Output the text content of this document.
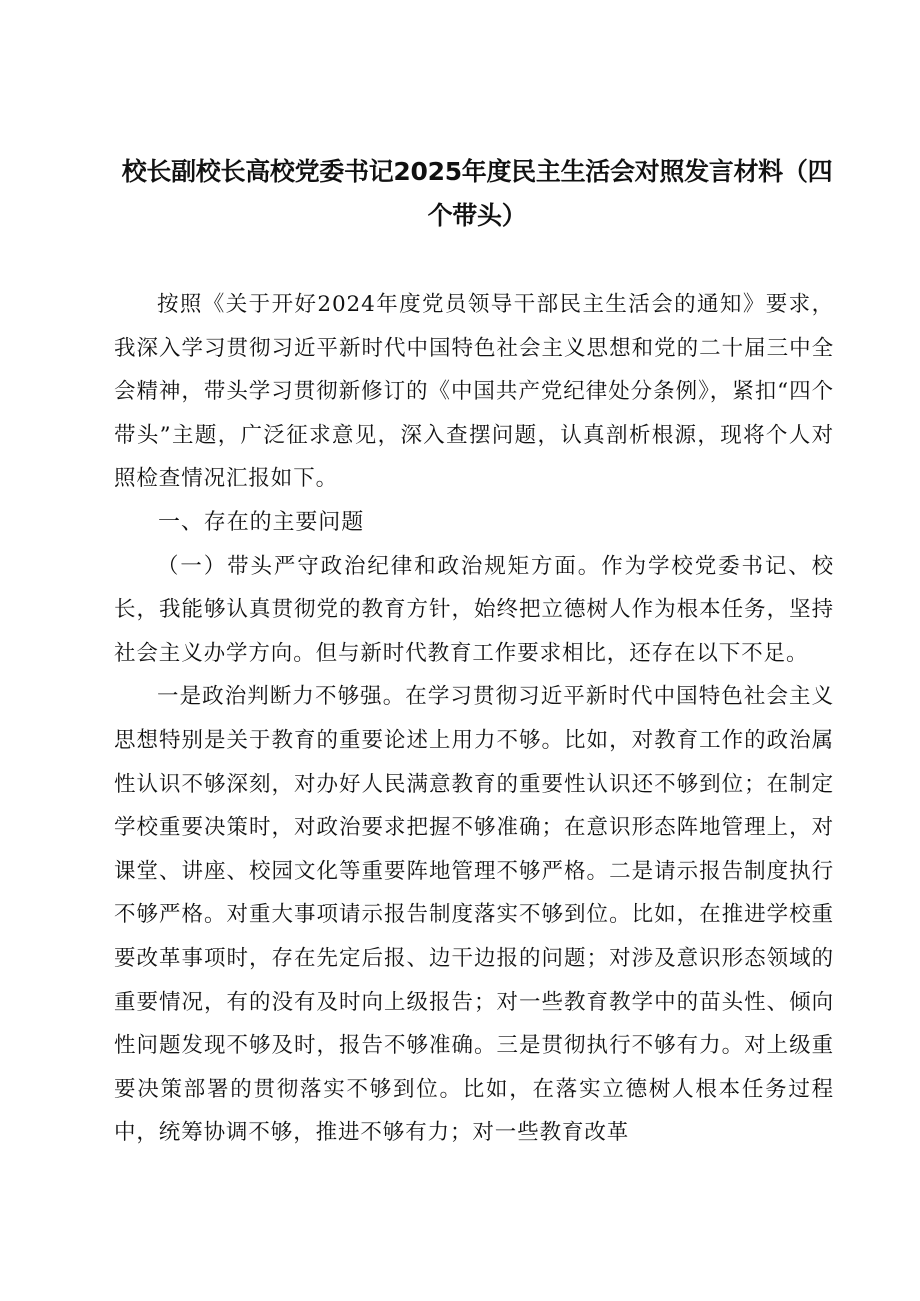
校长副校长高校党委书记2025年度民主生活会对照发言材料（四个带头）

按照《关于开好2024年度党员领导干部民主生活会的通知》要求，我深入学习贯彻习近平新时代中国特色社会主义思想和党的二十届三中全会精神，带头学习贯彻新修订的《中国共产党纪律处分条例》，紧扣“四个带头”主题，广泛征求意见，深入查摆问题，认真剖析根源，现将个人对照检查情况汇报如下。

一、存在的主要问题

（一）带头严守政治纪律和政治规矩方面。作为学校党委书记、校长，我能够认真贯彻党的教育方针，始终把立德树人作为根本任务，坚持社会主义办学方向。但与新时代教育工作要求相比，还存在以下不足。

一是政治判断力不够强。在学习贯彻习近平新时代中国特色社会主义思想特别是关于教育的重要论述上用力不够。比如，对教育工作的政治属性认识不够深刻，对办好人民满意教育的重要性认识还不够到位；在制定学校重要决策时，对政治要求把握不够准确；在意识形态阵地管理上，对课堂、讲座、校园文化等重要阵地管理不够严格。二是请示报告制度执行不够严格。对重大事项请示报告制度落实不够到位。比如，在推进学校重要改革事项时，存在先定后报、边干边报的问题；对涉及意识形态领域的重要情况，有的没有及时向上级报告；对一些教育教学中的苗头性、倾向性问题发现不够及时，报告不够准确。三是贯彻执行不够有力。对上级重要决策部署的贯彻落实不够到位。比如，在落实立德树人根本任务过程中，统筹协调不够，推进不够有力；对一些教育改革
